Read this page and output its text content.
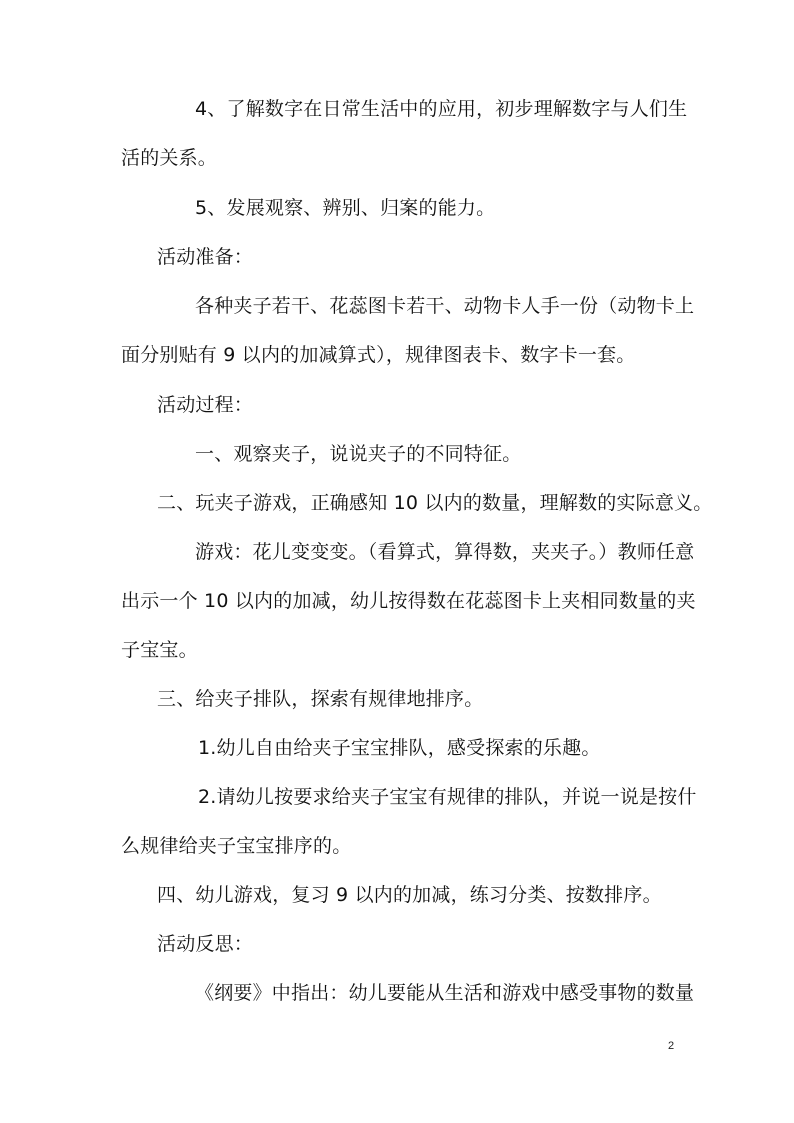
4、了解数字在日常生活中的应用，初步理解数字与人们生
活的关系。
5、发展观察、辨别、归案的能力。
活动准备：
各种夹子若干、花蕊图卡若干、动物卡人手一份（动物卡上
面分别贴有 9 以内的加减算式），规律图表卡、数字卡一套。
活动过程：
一、观察夹子，说说夹子的不同特征。
二、玩夹子游戏，正确感知 10 以内的数量，理解数的实际意义。
游戏：花儿变变变。（看算式，算得数，夹夹子。）教师任意
出示一个 10 以内的加减，幼儿按得数在花蕊图卡上夹相同数量的夹
子宝宝。
三、给夹子排队，探索有规律地排序。
1.幼儿自由给夹子宝宝排队，感受探索的乐趣。
2.请幼儿按要求给夹子宝宝有规律的排队，并说一说是按什
么规律给夹子宝宝排序的。
四、幼儿游戏，复习 9 以内的加减，练习分类、按数排序。
活动反思：
《纲要》中指出：幼儿要能从生活和游戏中感受事物的数量
2
